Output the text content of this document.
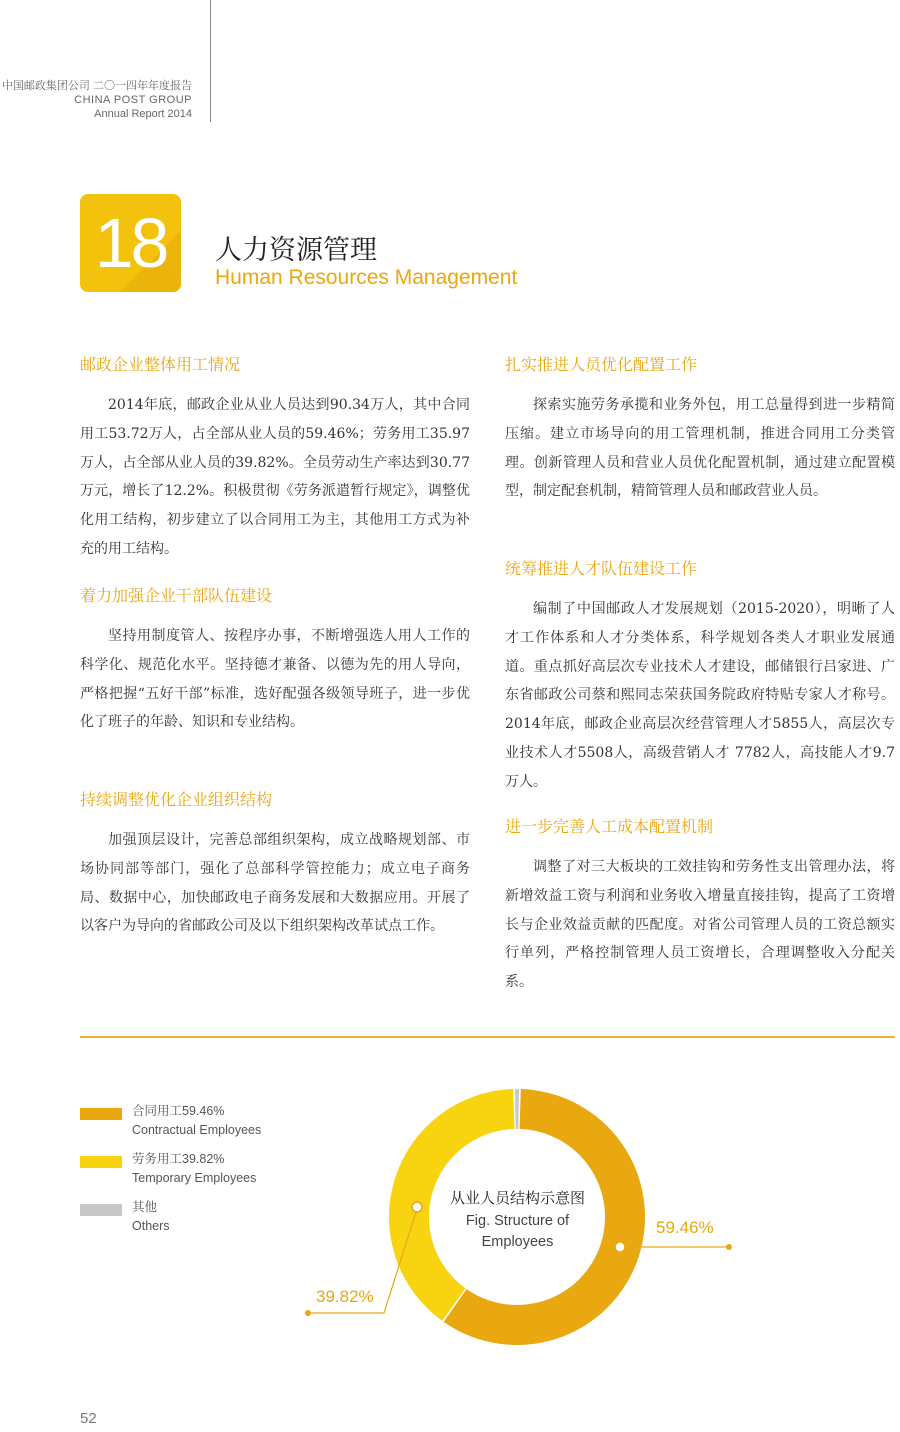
中国邮政集团公司 二〇一四年年度报告
CHINA POST GROUP
Annual Report 2014
18	人力资源管理
Human Resources Management
邮政企业整体用工情况

2014年底，邮政企业从业人员达到90.34万人，其中合同用工53.72万人，占全部从业人员的59.46%；劳务用工35.97万人，占全部从业人员的39.82%。全员劳动生产率达到30.77万元，增长了12.2%。积极贯彻《劳务派遣暂行规定》，调整优化用工结构，初步建立了以合同用工为主，其他用工方式为补充的用工结构。

着力加强企业干部队伍建设

坚持用制度管人、按程序办事，不断增强选人用人工作的科学化、规范化水平。坚持德才兼备、以德为先的用人导向，严格把握“五好干部”标准，选好配强各级领导班子，进一步优化了班子的年龄、知识和专业结构。

持续调整优化企业组织结构

加强顶层设计，完善总部组织架构，成立战略规划部、市场协同部等部门，强化了总部科学管控能力；成立电子商务局、数据中心，加快邮政电子商务发展和大数据应用。开展了以客户为导向的省邮政公司及以下组织架构改革试点工作。

扎实推进人员优化配置工作

探索实施劳务承揽和业务外包，用工总量得到进一步精简压缩。建立市场导向的用工管理机制，推进合同用工分类管理。创新管理人员和营业人员优化配置机制，通过建立配置模型，制定配套机制，精简管理人员和邮政营业人员。

统筹推进人才队伍建设工作

编制了中国邮政人才发展规划（2015-2020），明晰了人才工作体系和人才分类体系，科学规划各类人才职业发展通道。重点抓好高层次专业技术人才建设，邮储银行吕家进、广东省邮政公司蔡和熙同志荣获国务院政府特贴专家人才称号。2014年底，邮政企业高层次经营管理人才5855人，高层次专业技术人才5508人，高级营销人才 7782人，高技能人才9.7万人。

进一步完善人工成本配置机制

调整了对三大板块的工效挂钩和劳务性支出管理办法，将新增效益工资与利润和业务收入增量直接挂钩，提高了工资增长与企业效益贡献的匹配度。对省公司管理人员的工资总额实行单列，严格控制管理人员工资增长，合理调整收入分配关系。

合同用工59.46%
Contractual Employees
劳务用工39.82%
Temporary Employees
其他
Others
从业人员结构示意图
Fig. Structure of Employees
59.46%
39.82%
52
